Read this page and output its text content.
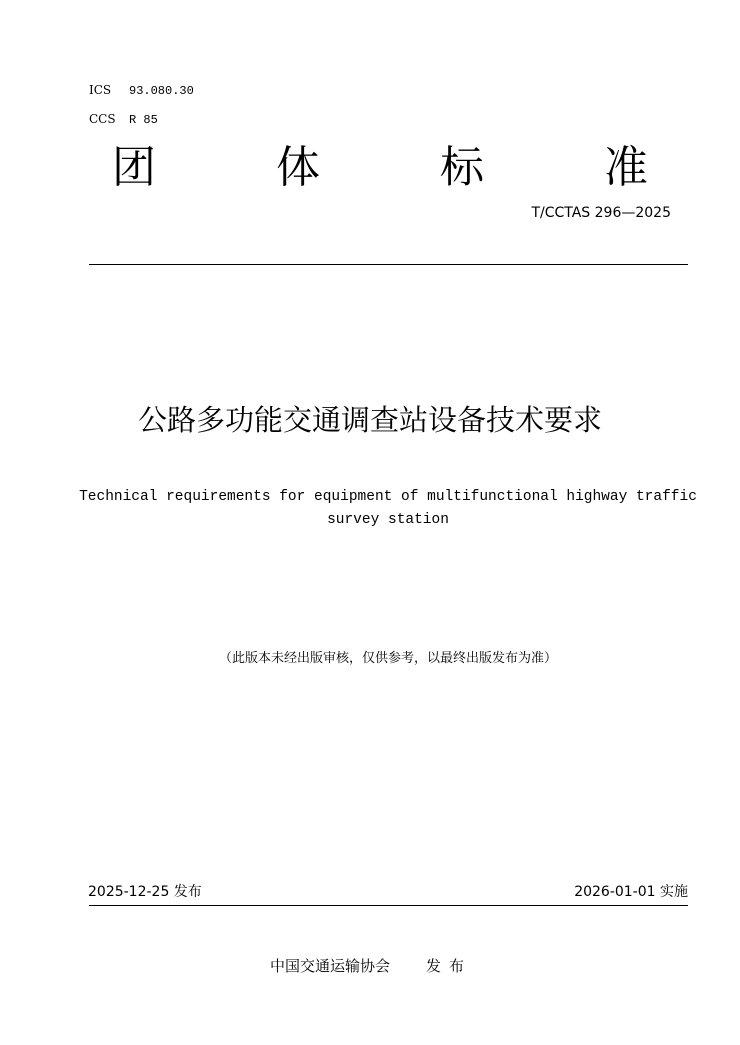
ICS 93.080.30
CCS R 85
团	体	标	准
T/CCTAS 296—2025
公路多功能交通调查站设备技术要求
Technical requirements for equipment of multifunctional highway traffic
survey station
（此版本未经出版审核，仅供参考，以最终出版发布为准）
2025-12-25 发布	2026-01-01 实施
中国交通运输协会 发布
